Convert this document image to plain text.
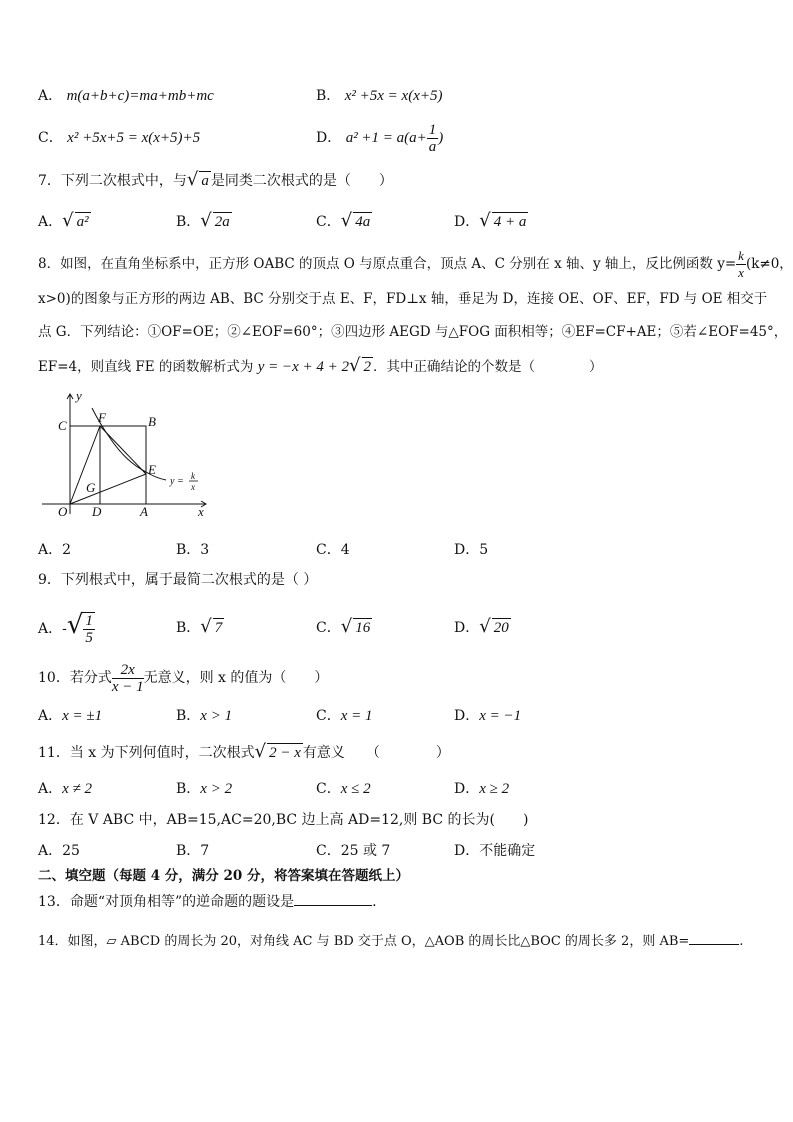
A． m(a+b+c)=ma+mb+mc	B． x² +5x = x(x+5)
C． x² +5x+5 = x(x+5)+5	D． $a^2 +1 = a(a+ \frac{1}{a}$ )
7．下列二次根式中，与√ a 是同类二次根式的是（　　）
A．√ a²	B．√ 2a	C．√ 4a	D．√ 4 + a
8．如图，在直角坐标系中，正方形 OABC 的顶点 O 与原点重合，顶点 A、C 分别在 x 轴、y 轴上，反比例函数 $y= \frac{k}{x} (k\ne 0$，
x>0)的图象与正方形的两边 AB、BC 分别交于点 E、F，FD⊥x 轴，垂足为 D，连接 OE、OF、EF，FD 与 OE 相交于
点 G．下列结论：①OF=OE；②∠EOF=60°；③四边形 AEGD 与△FOG 面积相等；④EF=CF+AE；⑤若∠EOF=45°，
EF=4，则直线 FE 的函数解析式为 y = −x + 4 + 2√ 2 ．其中正确结论的个数是（　　　　）
C
F	B
E
G
O D	A	x
y
y = k
x
A．2	B．3	C．4	D．5
9．下列根式中，属于最简二次根式的是（ ）
A．-√ $\frac{1}{5}$	B．√ 7	C．√ 16	D．√ 20
10．若分式 $\frac{2x}{x - 1}$ 无意义，则 x 的值为（　　）
A．x = ±1	B．x > 1	C．x = 1	D．x = −1
11．当 x 为下列何值时，二次根式√ 2 − x 有意义　　（　　　　）
A．x ≠ 2	B．x > 2	C．x ≤ 2	D．x ≥ 2
12．在 V ABC 中，AB=15,AC=20,BC 边上高 AD=12,则 BC 的长为(　　)
A．25	B．7	C．25 或 7	D．不能确定
二、填空题（每题 4 分，满分 20 分，将答案填在答题纸上）
13．命题“对顶角相等”的逆命题的题设是	.
14．如图，▱ ABCD 的周长为 20，对角线 AC 与 BD 交于点 O，△AOB 的周长比△BOC 的周长多 2，则 AB=	.
